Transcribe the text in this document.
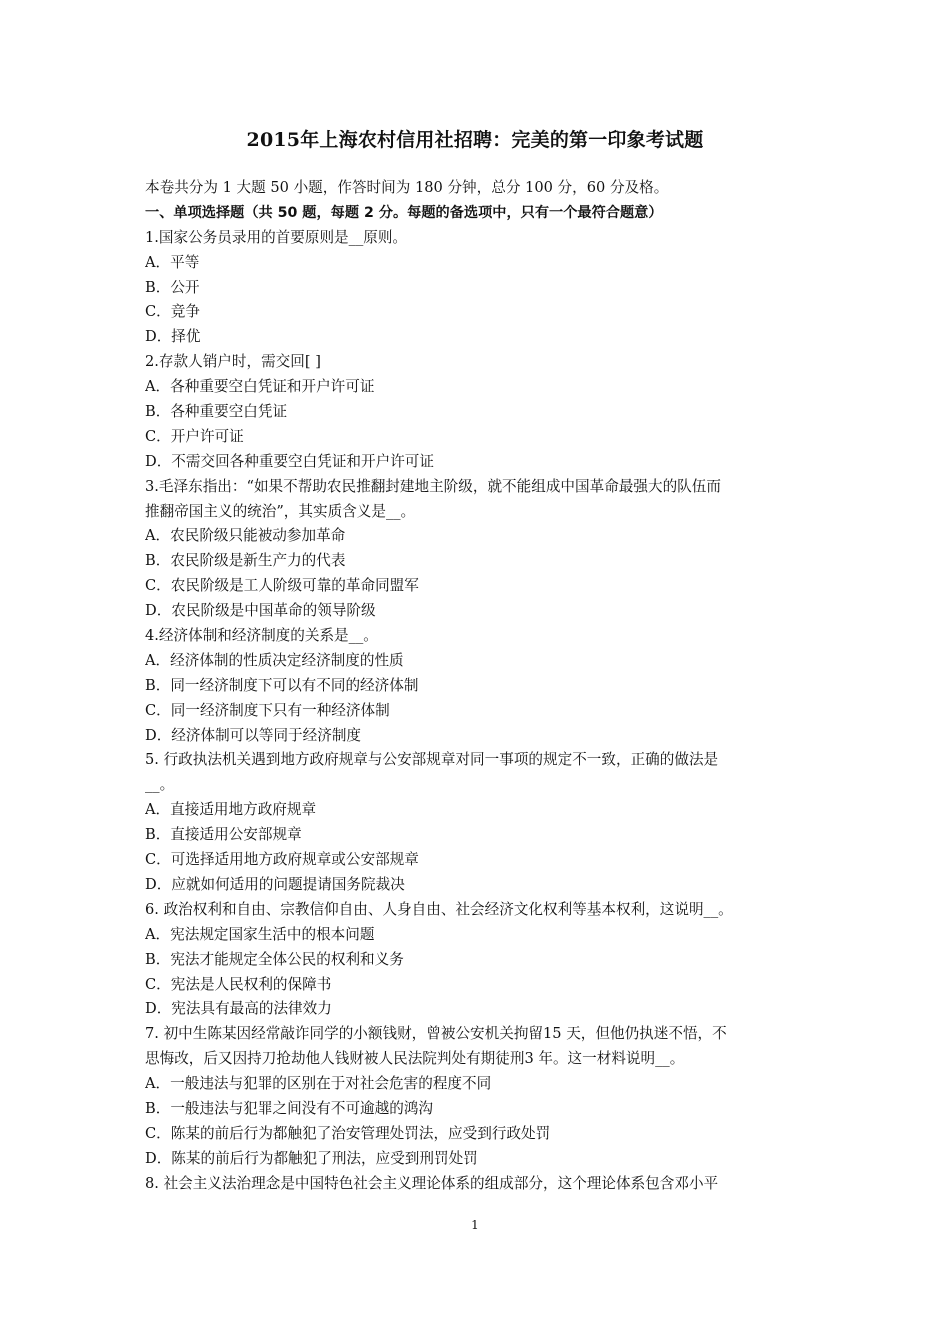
2015年上海农村信用社招聘：完美的第一印象考试题
本卷共分为 1 大题 50 小题，作答时间为 180 分钟，总分 100 分，60 分及格。
一、单项选择题（共 50 题，每题 2 分。每题的备选项中，只有一个最符合题意）
1.国家公务员录用的首要原则是__原则。
A．平等
B．公开
C．竞争
D．择优
2.存款人销户时，需交回[ ]
A．各种重要空白凭证和开户许可证
B．各种重要空白凭证
C．开户许可证
D．不需交回各种重要空白凭证和开户许可证
3.毛泽东指出：“如果不帮助农民推翻封建地主阶级，就不能组成中国革命最强大的队伍而
推翻帝国主义的统治”，其实质含义是__。
A．农民阶级只能被动参加革命
B．农民阶级是新生产力的代表
C．农民阶级是工人阶级可靠的革命同盟军
D．农民阶级是中国革命的领导阶级
4.经济体制和经济制度的关系是__。
A．经济体制的性质决定经济制度的性质
B．同一经济制度下可以有不同的经济体制
C．同一经济制度下只有一种经济体制
D．经济体制可以等同于经济制度
5. 行政执法机关遇到地方政府规章与公安部规章对同一事项的规定不一致，正确的做法是
__。
A．直接适用地方政府规章
B．直接适用公安部规章
C．可选择适用地方政府规章或公安部规章
D．应就如何适用的问题提请国务院裁决
6. 政治权利和自由、宗教信仰自由、人身自由、社会经济文化权利等基本权利，这说明__。
A．宪法规定国家生活中的根本问题
B．宪法才能规定全体公民的权利和义务
C．宪法是人民权利的保障书
D．宪法具有最高的法律效力
7. 初中生陈某因经常敲诈同学的小额钱财，曾被公安机关拘留15 天，但他仍执迷不悟，不
思悔改，后又因持刀抢劫他人钱财被人民法院判处有期徒刑3 年。这一材料说明__。
A．一般违法与犯罪的区别在于对社会危害的程度不同
B．一般违法与犯罪之间没有不可逾越的鸿沟
C．陈某的前后行为都触犯了治安管理处罚法，应受到行政处罚
D．陈某的前后行为都触犯了刑法，应受到刑罚处罚
8. 社会主义法治理念是中国特色社会主义理论体系的组成部分，这个理论体系包含邓小平
1
